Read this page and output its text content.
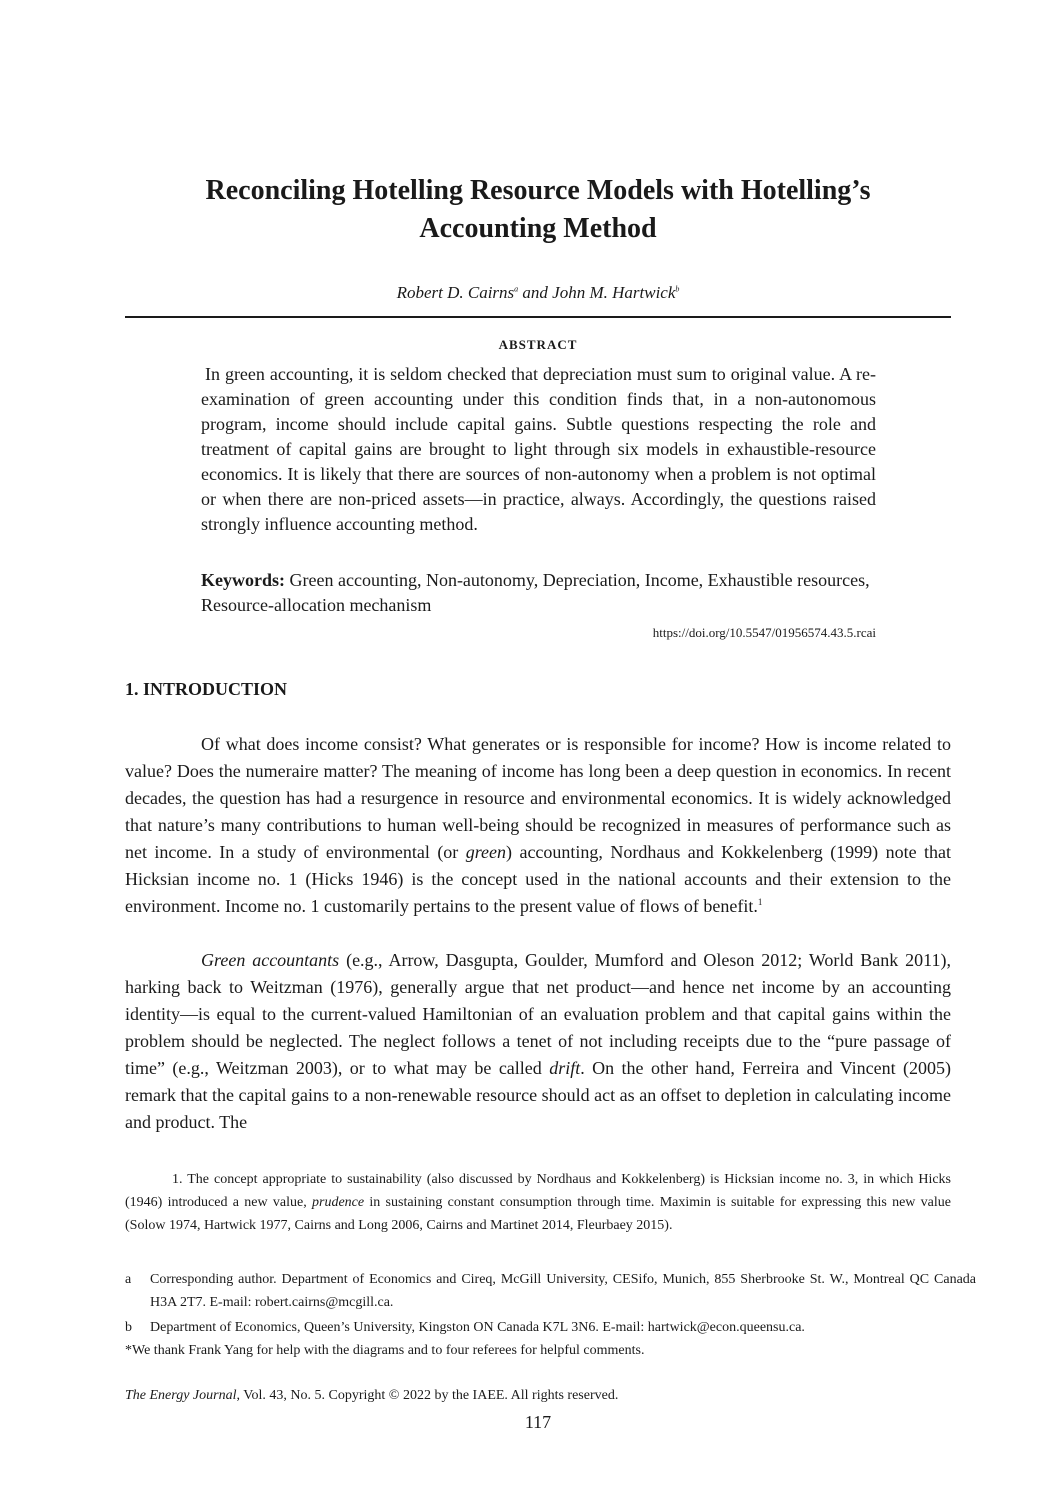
Reconciling Hotelling Resource Models with Hotelling’s
Accounting Method
Robert D. Cairns$^a$ and John M. Hartwick$^b$
ABSTRACT

In green accounting, it is seldom checked that depreciation must sum to original value. A re-examination of green accounting under this condition finds that, in a non-autonomous program, income should include capital gains. Subtle questions respecting the role and treatment of capital gains are brought to light through six models in exhaustible-resource economics. It is likely that there are sources of non-autonomy when a problem is not optimal or when there are non-priced assets—in practice, always. Accordingly, the questions raised strongly influence accounting method.

Keywords: Green accounting, Non-autonomy, Depreciation, Income, Exhaustible resources, Resource-allocation mechanism

https://doi.org/10.5547/01956574.43.5.rcai
1. INTRODUCTION

Of what does income consist? What generates or is responsible for income? How is income related to value? Does the numeraire matter? The meaning of income has long been a deep question in economics. In recent decades, the question has had a resurgence in resource and environmental economics. It is widely acknowledged that nature’s many contributions to human well-being should be recognized in measures of performance such as net income. In a study of environmental (or green) accounting, Nordhaus and Kokkelenberg (1999) note that Hicksian income no. 1 (Hicks 1946) is the concept used in the national accounts and their extension to the environment. Income no. 1 customarily pertains to the present value of flows of benefit.$^1$

Green accountants (e.g., Arrow, Dasgupta, Goulder, Mumford and Oleson 2012; World Bank 2011), harking back to Weitzman (1976), generally argue that net product—and hence net income by an accounting identity—is equal to the current-valued Hamiltonian of an evaluation problem and that capital gains within the problem should be neglected. The neglect follows a tenet of not including receipts due to the “pure passage of time” (e.g., Weitzman 2003), or to what may be called drift. On the other hand, Ferreira and Vincent (2005) remark that the capital gains to a non-renewable resource should act as an offset to depletion in calculating income and product. The

1. The concept appropriate to sustainability (also discussed by Nordhaus and Kokkelenberg) is Hicksian income no. 3, in which Hicks (1946) introduced a new value, prudence in sustaining constant consumption through time. Maximin is suitable for expressing this new value (Solow 1974, Hartwick 1977, Cairns and Long 2006, Cairns and Martinet 2014, Fleurbaey 2015).

a Corresponding author. Department of Economics and Cireq, McGill University, CESifo, Munich, 855 Sherbrooke St. W., Montreal QC Canada H3A 2T7. E-mail: robert.cairns@mcgill.ca.

b Department of Economics, Queen’s University, Kingston ON Canada K7L 3N6. E-mail: hartwick@econ.queensu.ca.

*We thank Frank Yang for help with the diagrams and to four referees for helpful comments.

The Energy Journal, Vol. 43, No. 5. Copyright © 2022 by the IAEE. All rights reserved.
117
